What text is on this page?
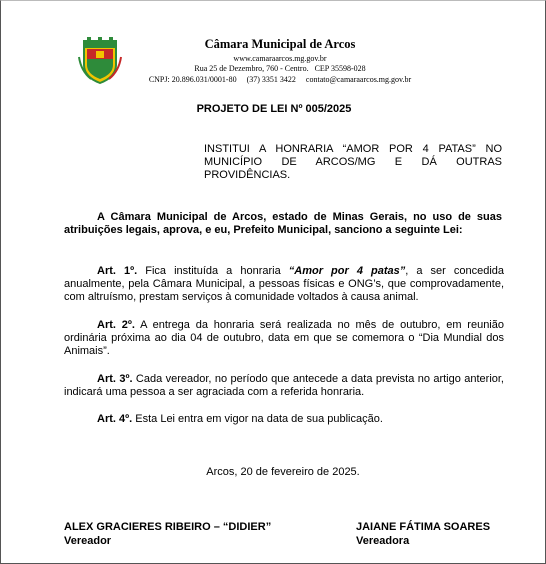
Câmara Municipal de Arcos
www.camaraarcos.mg.gov.br
Rua 25 de Dezembro, 760 - Centro.   CEP 35598-028
CNPJ: 20.896.031/0001-80     (37) 3351 3422     contato@camaraarcos.mg.gov.br
PROJETO DE LEI Nº 005/2025
INSTITUI A HONRARIA “AMOR POR 4 PATAS” NO MUNICÍPIO DE ARCOS/MG E DÁ OUTRAS PROVIDÊNCIAS.
A Câmara Municipal de Arcos, estado de Minas Gerais, no uso de suas atribuições legais, aprova, e eu, Prefeito Municipal, sanciono a seguinte Lei:
Art. 1º. Fica instituída a honraria “Amor por 4 patas”, a ser concedida anualmente, pela Câmara Municipal, a pessoas físicas e ONG’s, que comprovadamente, com altruísmo, prestam serviços à comunidade voltados à causa animal.
Art. 2º. A entrega da honraria será realizada no mês de outubro, em reunião ordinária próxima ao dia 04 de outubro, data em que se comemora o “Dia Mundial dos Animais”.
Art. 3º. Cada vereador, no período que antecede a data prevista no artigo anterior, indicará uma pessoa a ser agraciada com a referida honraria.
Art. 4º. Esta Lei entra em vigor na data de sua publicação.
Arcos, 20 de fevereiro de 2025.
ALEX GRACIERES RIBEIRO – “DIDIER”
Vereador
JAIANE FÁTIMA SOARES
Vereadora
